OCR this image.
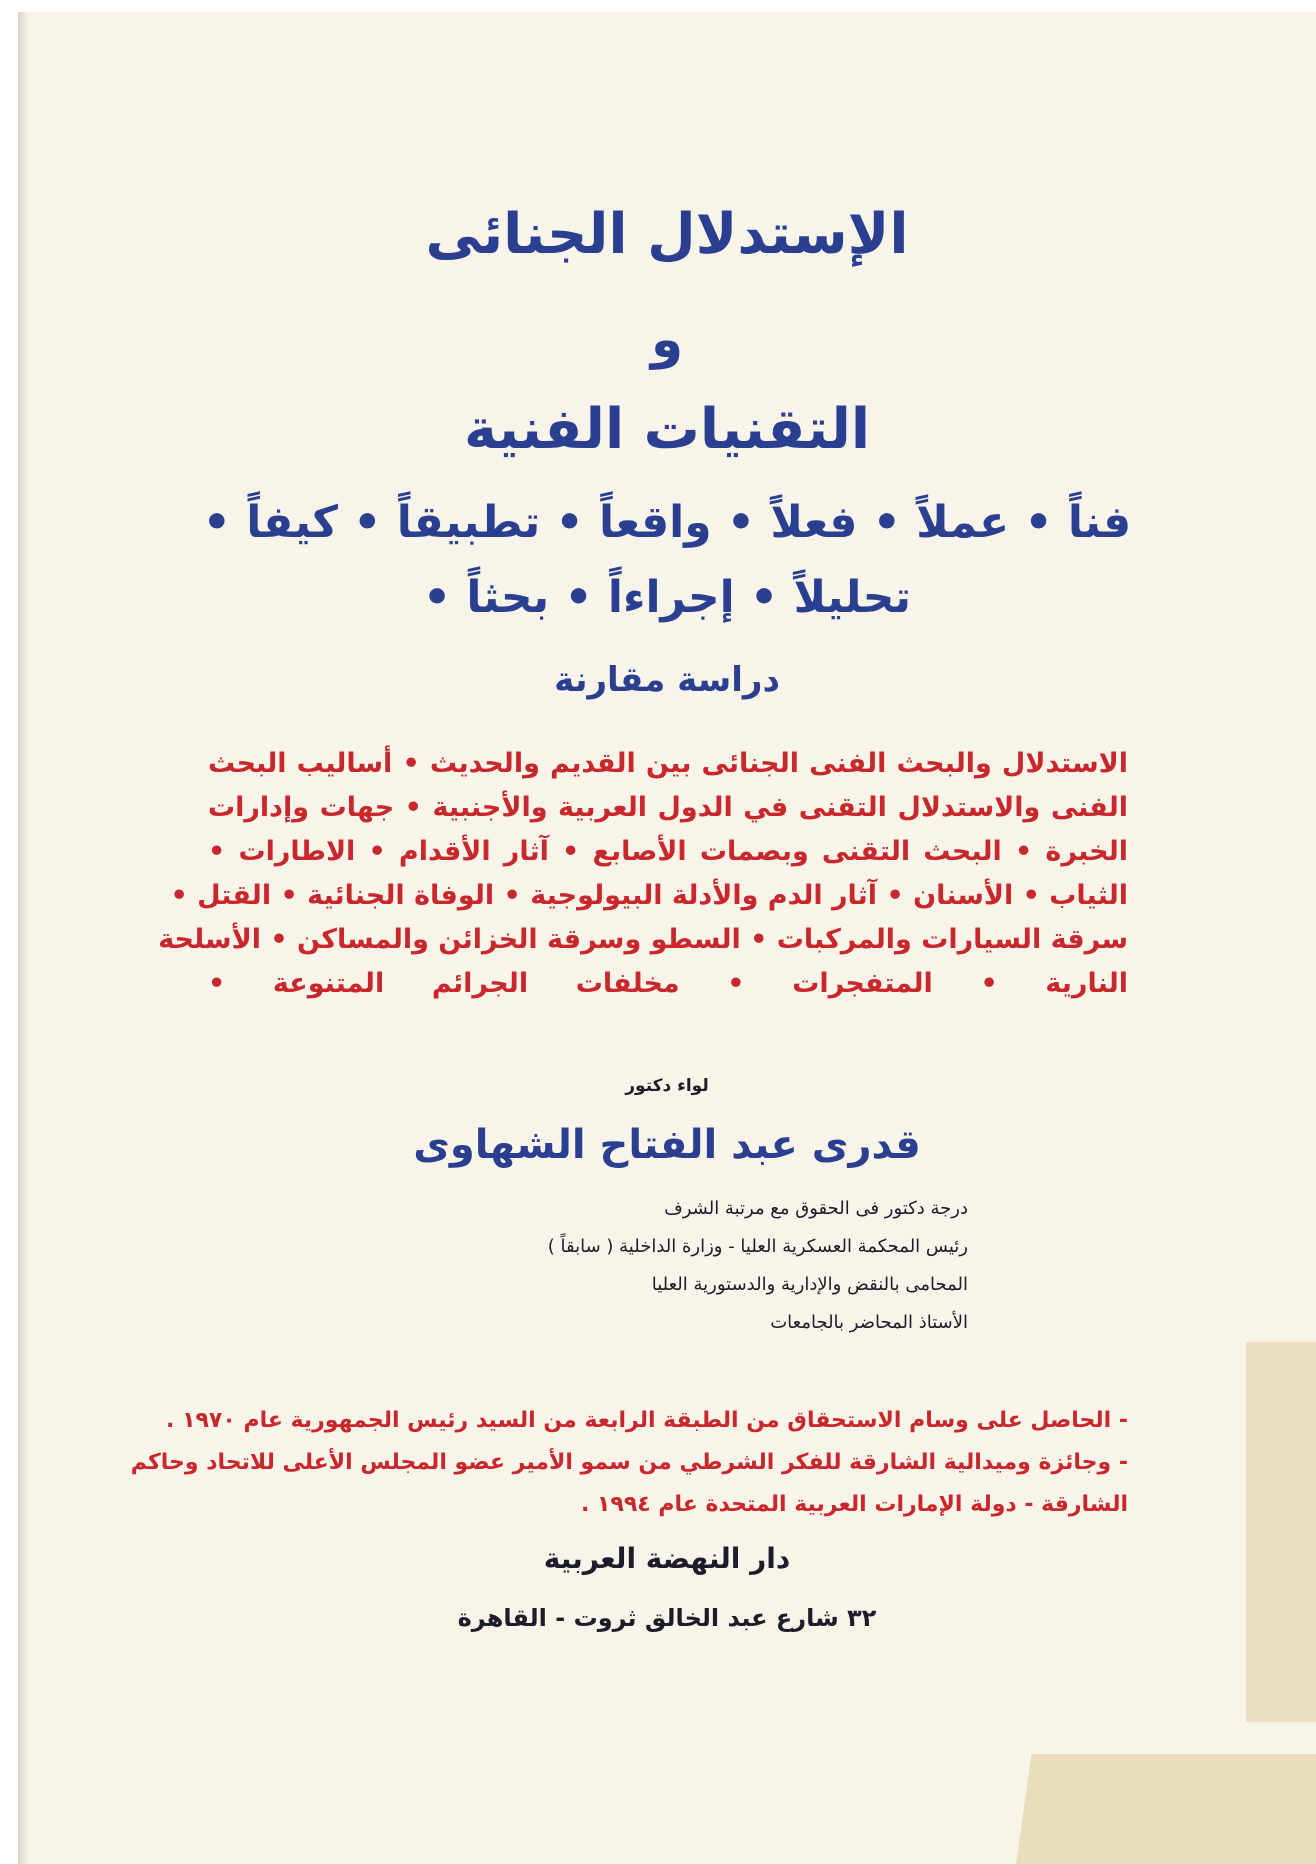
الإستدلال الجنائى
و
التقنيات الفنية
فناً • عملاً • فعلاً • واقعاً • تطبيقاً • كيفاً •
تحليلاً • إجراءاً • بحثاً •
دراسة مقارنة
الاستدلال والبحث الفنى الجنائى بين القديم والحديث • أساليب البحث
الفنى والاستدلال التقنى في الدول العربية والأجنبية • جهات وإدارات
الخبرة • البحث التقنى وبصمات الأصابع • آثار الأقدام • الاطارات •
الثياب • الأسنان • آثار الدم والأدلة البيولوجية • الوفاة الجنائية • القتل •
سرقة السيارات والمركبات • السطو وسرقة الخزائن والمساكن • الأسلحة
النارية • المتفجرات • مخلفات الجرائم المتنوعة •
لواء دكتور
قدرى عبد الفتاح الشهاوى
درجة دكتور فى الحقوق مع مرتبة الشرف
رئيس المحكمة العسكرية العليا - وزارة الداخلية ( سابقاً )
المحامى بالنقض والإدارية والدستورية العليا
الأستاذ المحاضر بالجامعات
- الحاصل على وسام الاستحقاق من الطبقة الرابعة من السيد رئيس الجمهورية عام ١٩٧٠ .
- وجائزة وميدالية الشارقة للفكر الشرطي من سمو الأمير عضو المجلس الأعلى للاتحاد وحاكم
الشارقة - دولة الإمارات العربية المتحدة عام ١٩٩٤ .
دار النهضة العربية
٣٢ شارع عبد الخالق ثروت - القاهرة
